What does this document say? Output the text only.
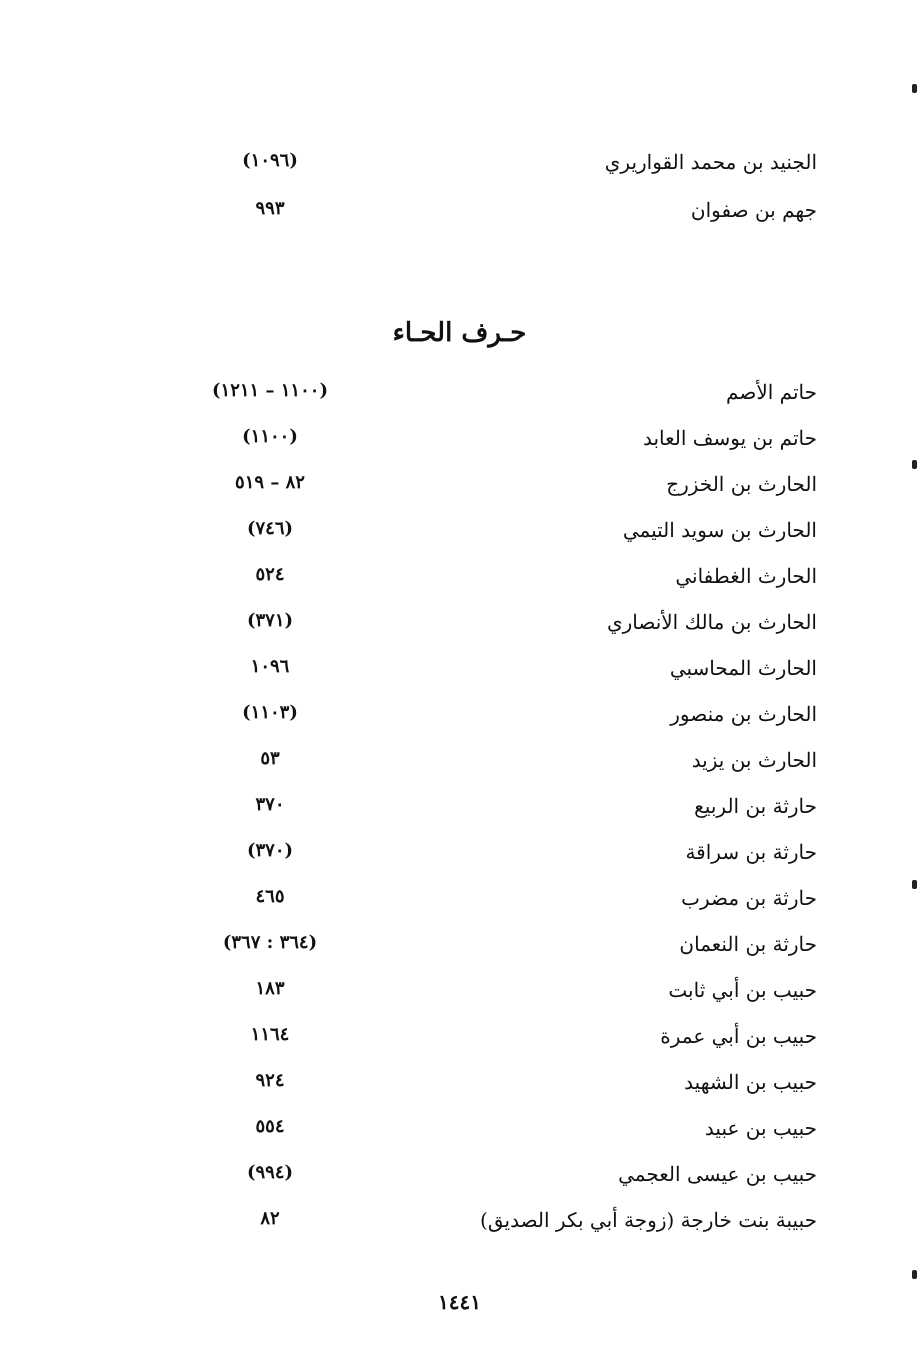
الجنيد بن محمد القواريري
(١٠٩٦)
جهم بن صفوان
٩٩٣
حـرف الحـاء
حاتم الأصم
(١١٠٠ – ١٢١١)
حاتم بن يوسف العابد
(١١٠٠)
الحارث بن الخزرج
٨٢ – ٥١٩
الحارث بن سويد التيمي
(٧٤٦)
الحارث الغطفاني
٥٢٤
الحارث بن مالك الأنصاري
(٣٧١)
الحارث المحاسبي
١٠٩٦
الحارث بن منصور
(١١٠٣)
الحارث بن يزيد
٥٣
حارثة بن الربيع
٣٧٠
حارثة بن سراقة
(٣٧٠)
حارثة بن مضرب
٤٦٥
حارثة بن النعمان
(٣٦٤ : ٣٦٧)
حبيب بن أبي ثابت
١٨٣
حبيب بن أبي عمرة
١١٦٤
حبيب بن الشهيد
٩٢٤
حبيب بن عبيد
٥٥٤
حبيب بن عيسى العجمي
(٩٩٤)
حبيبة بنت خارجة (زوجة أبي بكر الصديق)
٨٢
١٤٤١
